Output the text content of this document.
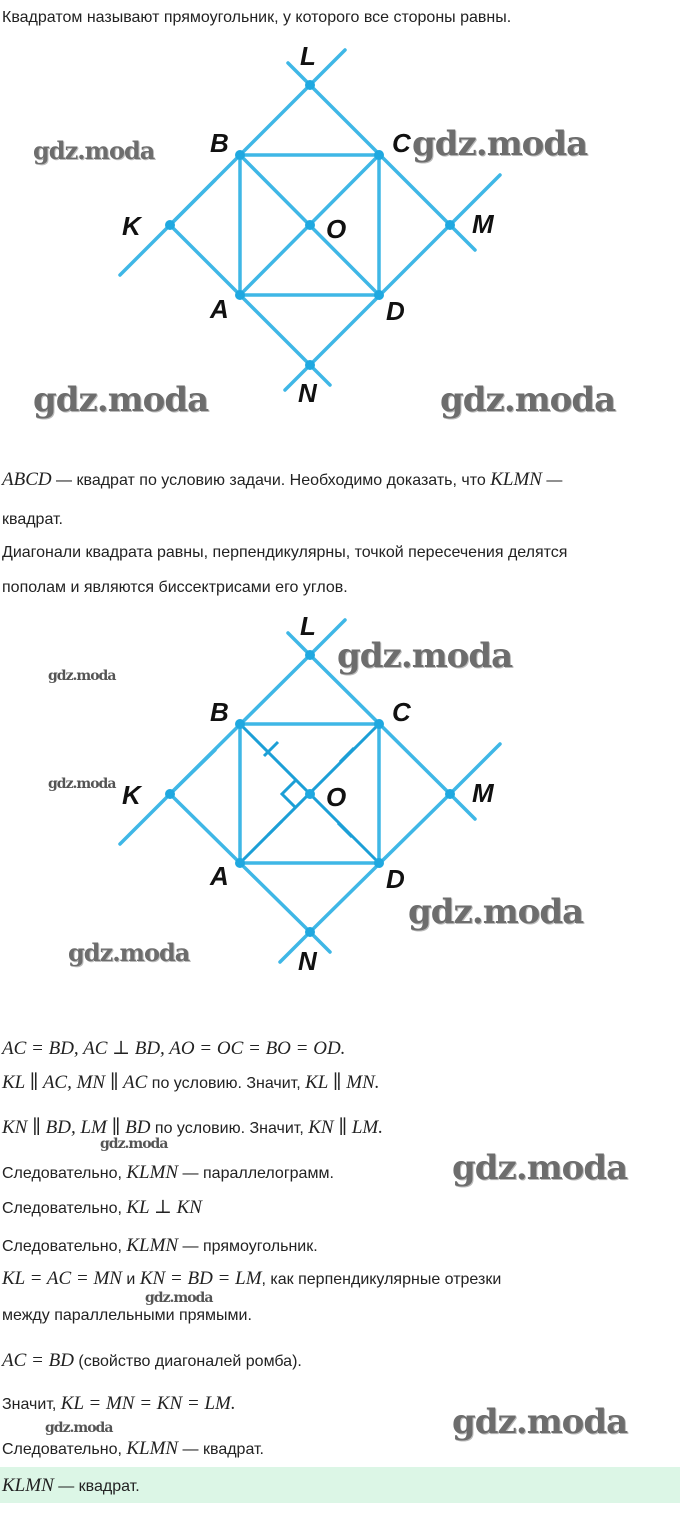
Квадратом называют прямоугольник, у которого все стороны равны.
L
B	C
K	O	M
A	D
N
gdz.moda	gdz.moda
gdz.moda	gdz.moda
ABCD — квадрат по условию задачи. Необходимо доказать, что KLMN —
квадрат.
Диагонали квадрата равны, перпендикулярны, точкой пересечения делятся
пополам и являются биссектрисами его углов.
L
B	C
K	O	M
A	D
N
gdz.moda	gdz.moda
gdz.moda
gdz.moda
gdz.moda
AC = BD, AC ⊥ BD, AO = OC = BO = OD.
KL ∥ AC, MN ∥ AC по условию. Значит, KL ∥ MN.
KN ∥ BD, LM ∥ BD по условию. Значит, KN ∥ LM.
gdz.moda
Следовательно, KLMN — параллелограмм.	gdz.moda
Следовательно, KL ⊥ KN
Следовательно, KLMN — прямоугольник.
KL = AC = MN и KN = BD = LM, как перпендикулярные отрезки
gdz.moda
между параллельными прямыми.
AC = BD (свойство диагоналей ромба).
Значит, KL = MN = KN = LM.
gdz.moda	gdz.moda
Следовательно, KLMN — квадрат.
KLMN — квадрат.
